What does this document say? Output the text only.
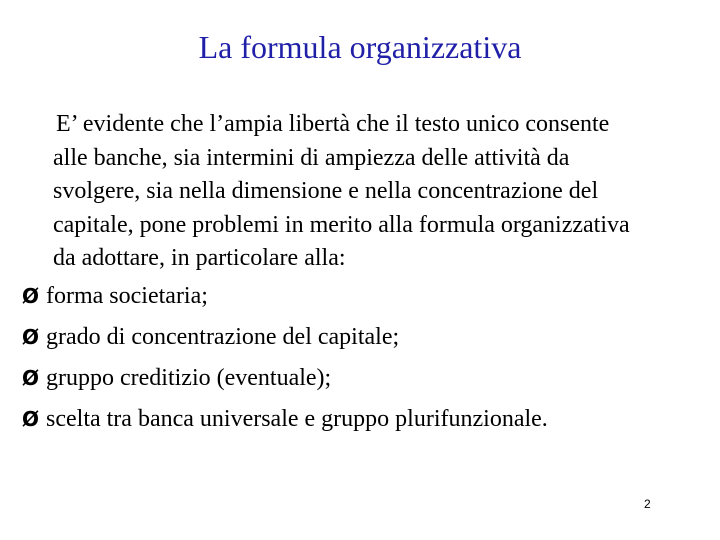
La formula organizzativa

E’ evidente che l’ampia libertà che il testo unico consente
alle banche, sia intermini di ampiezza delle attività da
svolgere, sia nella dimensione e nella concentrazione del
capitale, pone problemi in merito alla formula organizzativa
da adottare, in particolare alla:

Ø forma societaria;
Ø grado di concentrazione del capitale;
Ø gruppo creditizio (eventuale);
Ø scelta tra banca universale e gruppo plurifunzionale.
2
